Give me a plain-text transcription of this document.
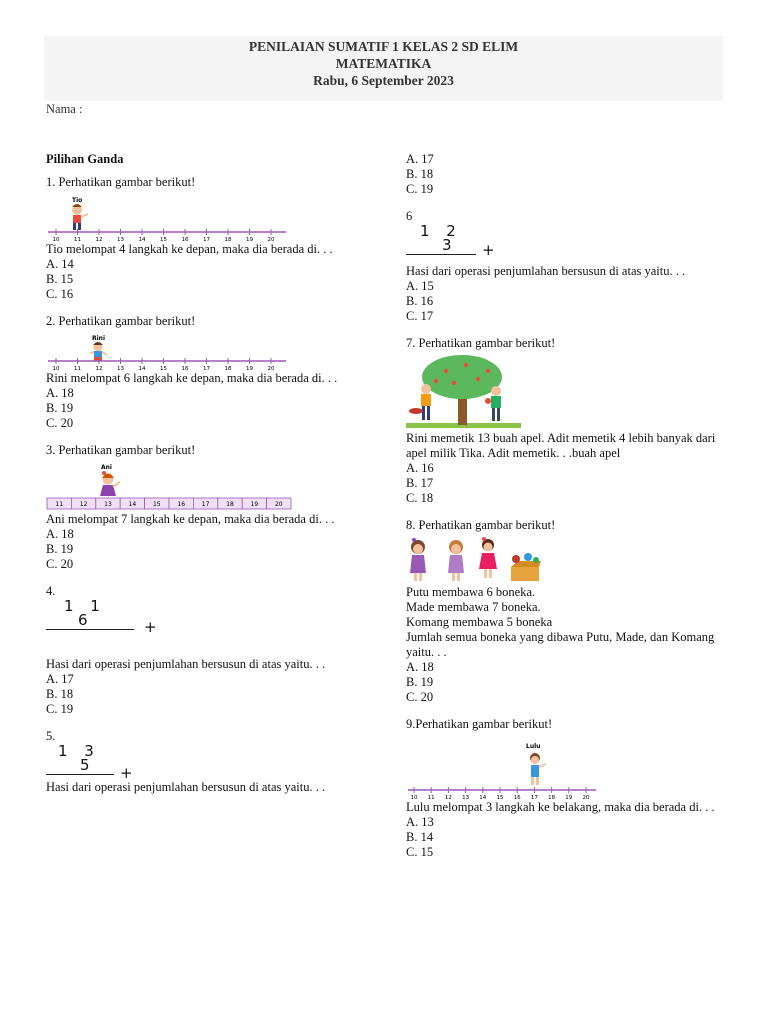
PENILAIAN SUMATIF 1 KELAS 2 SD ELIM
MATEMATIKA
Rabu, 6 September 2023
Nama :
Pilihan Ganda
1. Perhatikan gambar berikut!
Tio
10	11	12	13	14	15	16	17	18	19	20
Tio melompat 4 langkah ke depan, maka dia berada di. . .
A. 14
B. 15
C. 16
2. Perhatikan gambar berikut!
Rini
10	11	12	13	14	15	16	17	18	19	20
Rini melompat 6 langkah ke depan, maka dia berada di. . .
A. 18
B. 19
C. 20
3. Perhatikan gambar berikut!
Ani
11	12	13	14	15	16	17	18	19	20
Ani melompat 7 langkah ke depan, maka dia berada di. . .
A. 18
B. 19
C. 20
4.
1 1
6	+
Hasi dari operasi penjumlahan bersusun di atas yaitu. . .
A. 17
B. 18
C. 19
5.
1 3
5 +
Hasi dari operasi penjumlahan bersusun di atas yaitu. . .
A. 17
B. 18
C. 19
6
1 2
3 +
Hasi dari operasi penjumlahan bersusun di atas yaitu. . .
A. 15
B. 16
C. 17
7. Perhatikan gambar berikut!
Rini memetik 13 buah apel. Adit memetik 4 lebih banyak dari apel milik Tika. Adit memetik. . .buah apel
A. 16
B. 17
C. 18
8. Perhatikan gambar berikut!
Putu membawa 6 boneka.
Made membawa 7 boneka.
Komang membawa 5 boneka
Jumlah semua boneka yang dibawa Putu, Made, dan Komang yaitu. . .
A. 18
B. 19
C. 20
9.Perhatikan gambar berikut!
Lulu
10 11 12 13 14 15 16 17 18 19 20
Lulu melompat 3 langkah ke belakang, maka dia berada di. . .
A. 13
B. 14
C. 15
